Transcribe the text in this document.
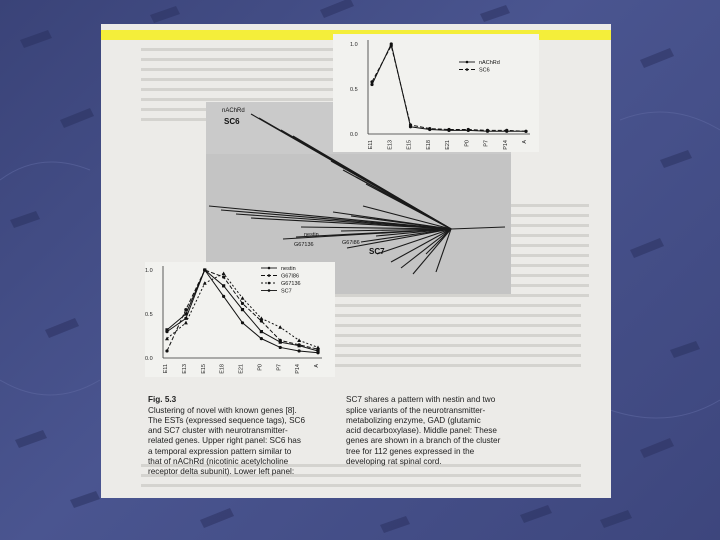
nAChRd
SC6
nestin
G67136	G67i86
SC7
0.0
0.5
1.0
E11 E13 E15 E18 E21 P0 P7 P14 A
nAChRd
SC6
0.0
0.5
1.0
E11 E13 E15 E18 E21 P0 P7 P14 A
nestin
G67I86
G67136
SC7

Fig. 5.3

Clustering of novel with known genes [8].
The ESTs (expressed sequence tags), SC6
and SC7 cluster with neurotransmitter-
related genes. Upper right panel: SC6 has
a temporal expression pattern similar to
that of nAChRd (nicotinic acetylcholine
receptor delta subunit). Lower left panel:

SC7 shares a pattern with nestin and two
splice variants of the neurotransmitter-
metabolizing enzyme, GAD (glutamic
acid decarboxylase). Middle panel: These
genes are shown in a branch of the cluster
tree for 112 genes expressed in the
developing rat spinal cord.
